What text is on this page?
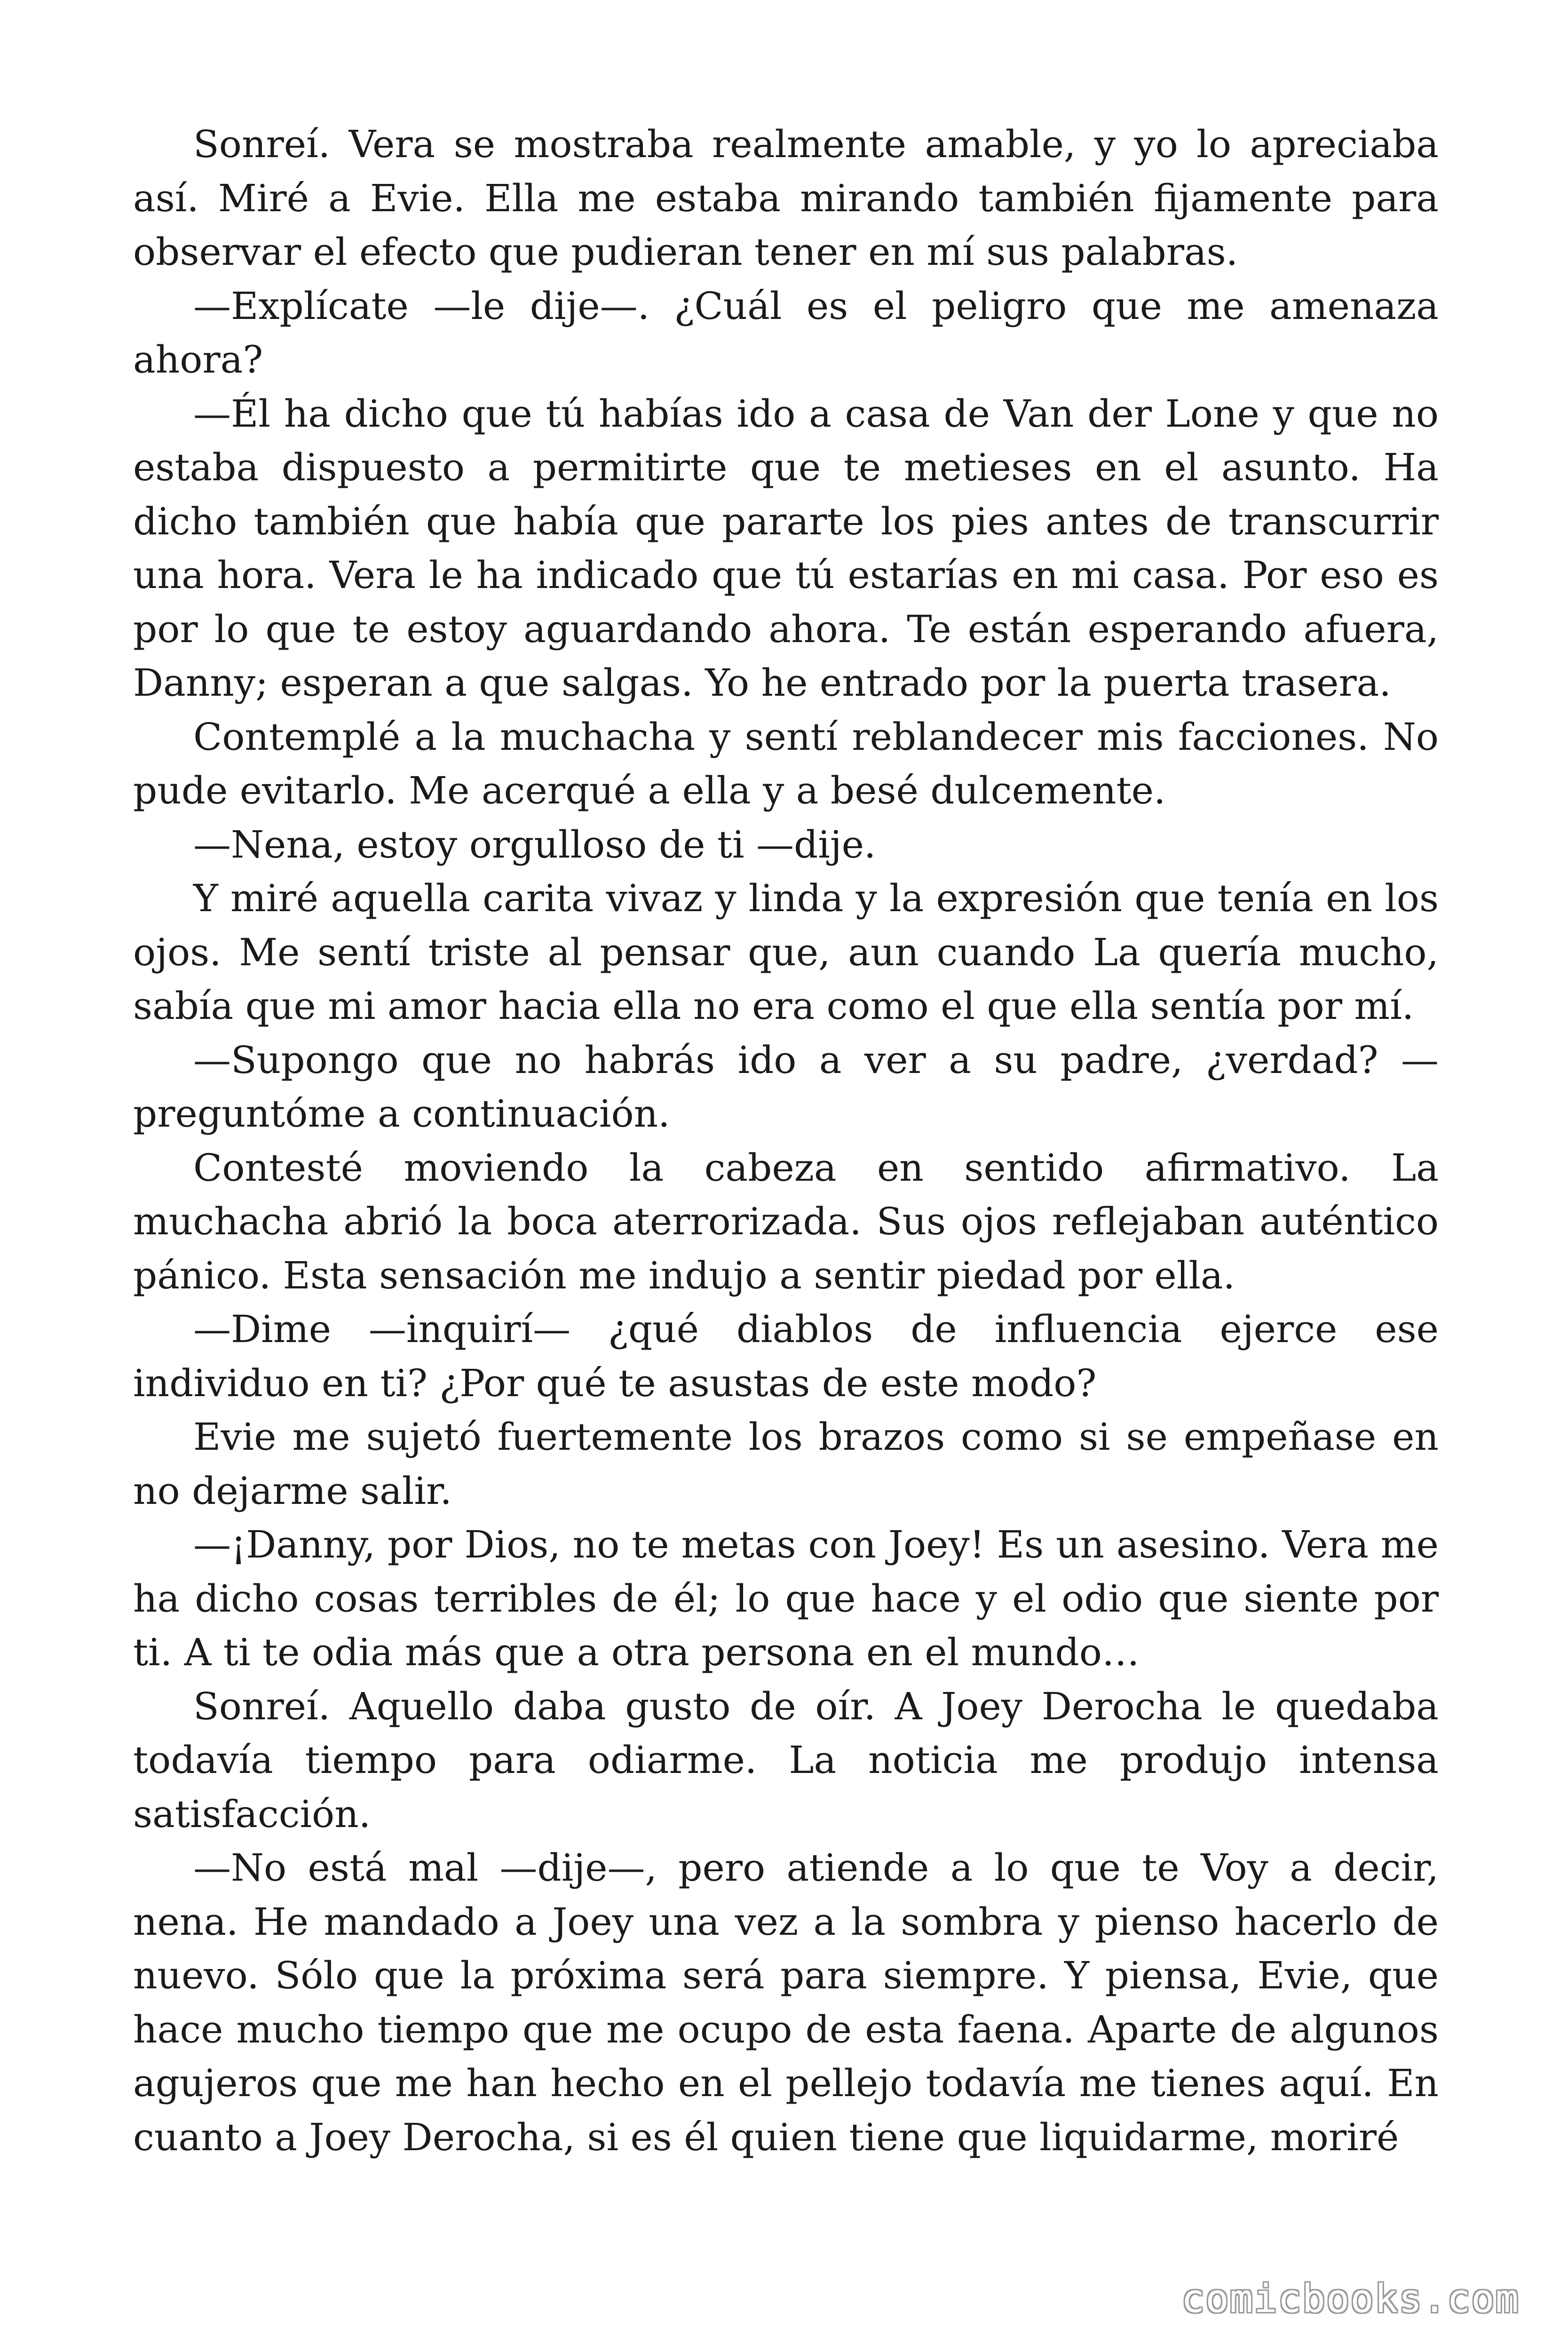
Sonreí. Vera se mostraba realmente amable, y yo lo apreciaba así. Miré a Evie. Ella me estaba mirando también fijamente para observar el efecto que pudieran tener en mí sus palabras.

—Explícate —le dije—. ¿Cuál es el peligro que me amenaza ahora?

—Él ha dicho que tú habías ido a casa de Van der Lone y que no estaba dispuesto a permitirte que te metieses en el asunto. Ha dicho también que había que pararte los pies antes de transcurrir una hora. Vera le ha indicado que tú estarías en mi casa. Por eso es por lo que te estoy aguardando ahora. Te están esperando afuera, Danny; esperan a que salgas. Yo he entrado por la puerta trasera.

Contemplé a la muchacha y sentí reblandecer mis facciones. No pude evitarlo. Me acerqué a ella y a besé dulcemente.

—Nena, estoy orgulloso de ti —dije.

Y miré aquella carita vivaz y linda y la expresión que tenía en los ojos. Me sentí triste al pensar que, aun cuando La quería mucho, sabía que mi amor hacia ella no era como el que ella sentía por mí.

—Supongo que no habrás ido a ver a su padre, ¿verdad? —preguntóme a continuación.

Contesté moviendo la cabeza en sentido afirmativo. La muchacha abrió la boca aterrorizada. Sus ojos reflejaban auténtico pánico. Esta sensación me indujo a sentir piedad por ella.

—Dime —inquirí— ¿qué diablos de influencia ejerce ese individuo en ti? ¿Por qué te asustas de este modo?

Evie me sujetó fuertemente los brazos como si se empeñase en no dejarme salir.

—¡Danny, por Dios, no te metas con Joey! Es un asesino. Vera me ha dicho cosas terribles de él; lo que hace y el odio que siente por ti. A ti te odia más que a otra persona en el mundo…

Sonreí. Aquello daba gusto de oír. A Joey Derocha le quedaba todavía tiempo para odiarme. La noticia me produjo intensa satisfacción.

—No está mal —dije—, pero atiende a lo que te Voy a decir, nena. He mandado a Joey una vez a la sombra y pienso hacerlo de nuevo. Sólo que la próxima será para siempre. Y piensa, Evie, que hace mucho tiempo que me ocupo de esta faena. Aparte de algunos agujeros que me han hecho en el pellejo todavía me tienes aquí. En cuanto a Joey Derocha, si es él quien tiene que liquidarme, moriré

comicbooks.com
